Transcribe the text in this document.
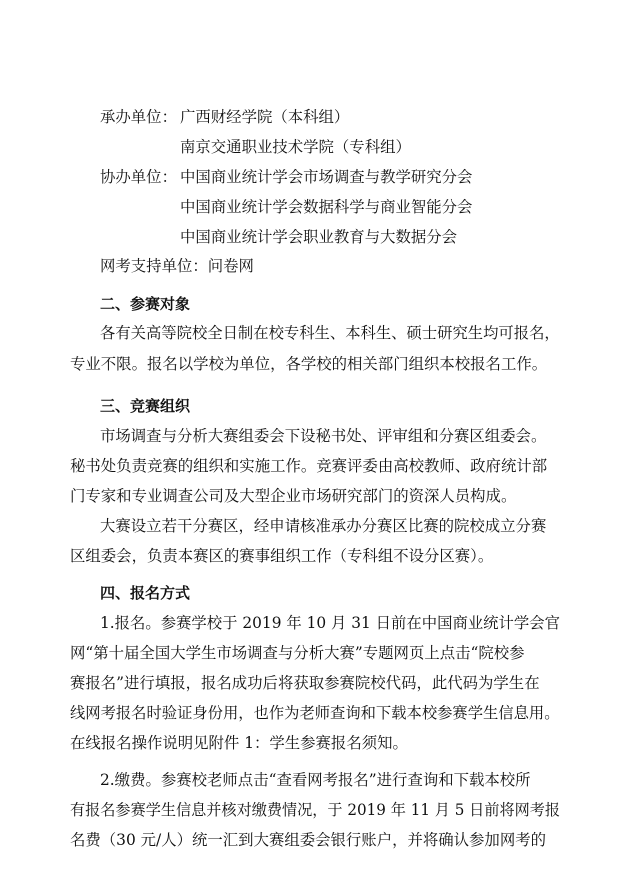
承办单位： 广西财经学院（本科组）
南京交通职业技术学院（专科组）
协办单位： 中国商业统计学会市场调查与教学研究分会
中国商业统计学会数据科学与商业智能分会
中国商业统计学会职业教育与大数据分会
网考支持单位：问卷网
二、参赛对象
各有关高等院校全日制在校专科生、本科生、硕士研究生均可报名，
专业不限。报名以学校为单位，各学校的相关部门组织本校报名工作。
三、竞赛组织
市场调查与分析大赛组委会下设秘书处、评审组和分赛区组委会。
秘书处负责竞赛的组织和实施工作。竞赛评委由高校教师、政府统计部
门专家和专业调查公司及大型企业市场研究部门的资深人员构成。
大赛设立若干分赛区，经申请核准承办分赛区比赛的院校成立分赛
区组委会，负责本赛区的赛事组织工作（专科组不设分区赛）。
四、报名方式
1.报名。参赛学校于 2019 年 10 月 31 日前在中国商业统计学会官
网“第十届全国大学生市场调查与分析大赛”专题网页上点击“院校参
赛报名”进行填报，报名成功后将获取参赛院校代码，此代码为学生在
线网考报名时验证身份用，也作为老师查询和下载本校参赛学生信息用。
在线报名操作说明见附件 1：学生参赛报名须知。
2.缴费。参赛校老师点击“查看网考报名”进行查询和下载本校所
有报名参赛学生信息并核对缴费情况，于 2019 年 11 月 5 日前将网考报
名费（30 元/人）统一汇到大赛组委会银行账户，并将确认参加网考的
